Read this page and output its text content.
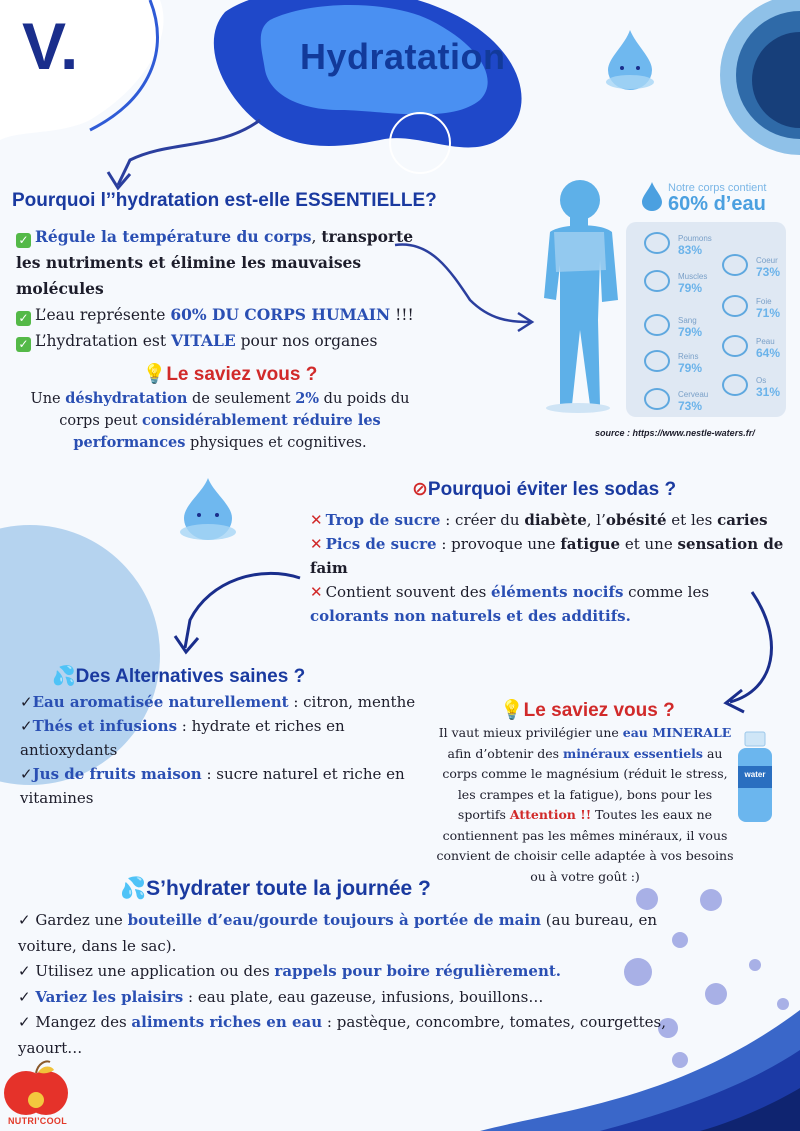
V.	Hydratation
Pourquoi l’’hydratation est-elle ESSENTIELLE?
✓ Régule la température du corps, transporte les nutriments et élimine les mauvaises molécules
✓ L’eau représente 60% DU CORPS HUMAIN !!!
✓ L’hydratation est VITALE pour nos organes
💡Le saviez vous ?
Une déshydratation de seulement 2% du poids du corps peut considérablement réduire les performances physiques et cognitives.
Notre corps contient
60% d’eau
Poumons
83%
Muscles
79%
Sang
79%
Reins
79%
Cerveau
73%
Coeur
73%
Foie
71%
Peau
64%
Os
31%
source : https://www.nestle-waters.fr/
⊘Pourquoi éviter les sodas ?
✕ Trop de sucre : créer du diabète, l’obésité et les caries
✕ Pics de sucre : provoque une fatigue et une sensation de faim
✕ Contient souvent des éléments nocifs comme les colorants non naturels et des additifs.
💦Des Alternatives saines ?
✓Eau aromatisée naturellement : citron, menthe
✓Thés et infusions : hydrate et riches en antioxydants
✓Jus de fruits maison : sucre naturel et riche en vitamines
💡Le saviez vous ?
Il vaut mieux privilégier une eau MINERALE afin d’obtenir des minéraux essentiels au corps comme le magnésium (réduit le stress, les crampes et la fatigue), bons pour les sportifs Attention !! Toutes les eaux ne contiennent pas les mêmes minéraux, il vous convient de choisir celle adaptée à vos besoins ou à votre goût :)
water
💦S’hydrater toute la journée ?
✓ Gardez une bouteille d’eau/gourde toujours à portée de main (au bureau, en voiture, dans le sac).
✓ Utilisez une application ou des rappels pour boire régulièrement.
✓ Variez les plaisirs : eau plate, eau gazeuse, infusions, bouillons…
✓ Mangez des aliments riches en eau : pastèque, concombre, tomates, courgettes, yaourt…
NUTRI’COOL
